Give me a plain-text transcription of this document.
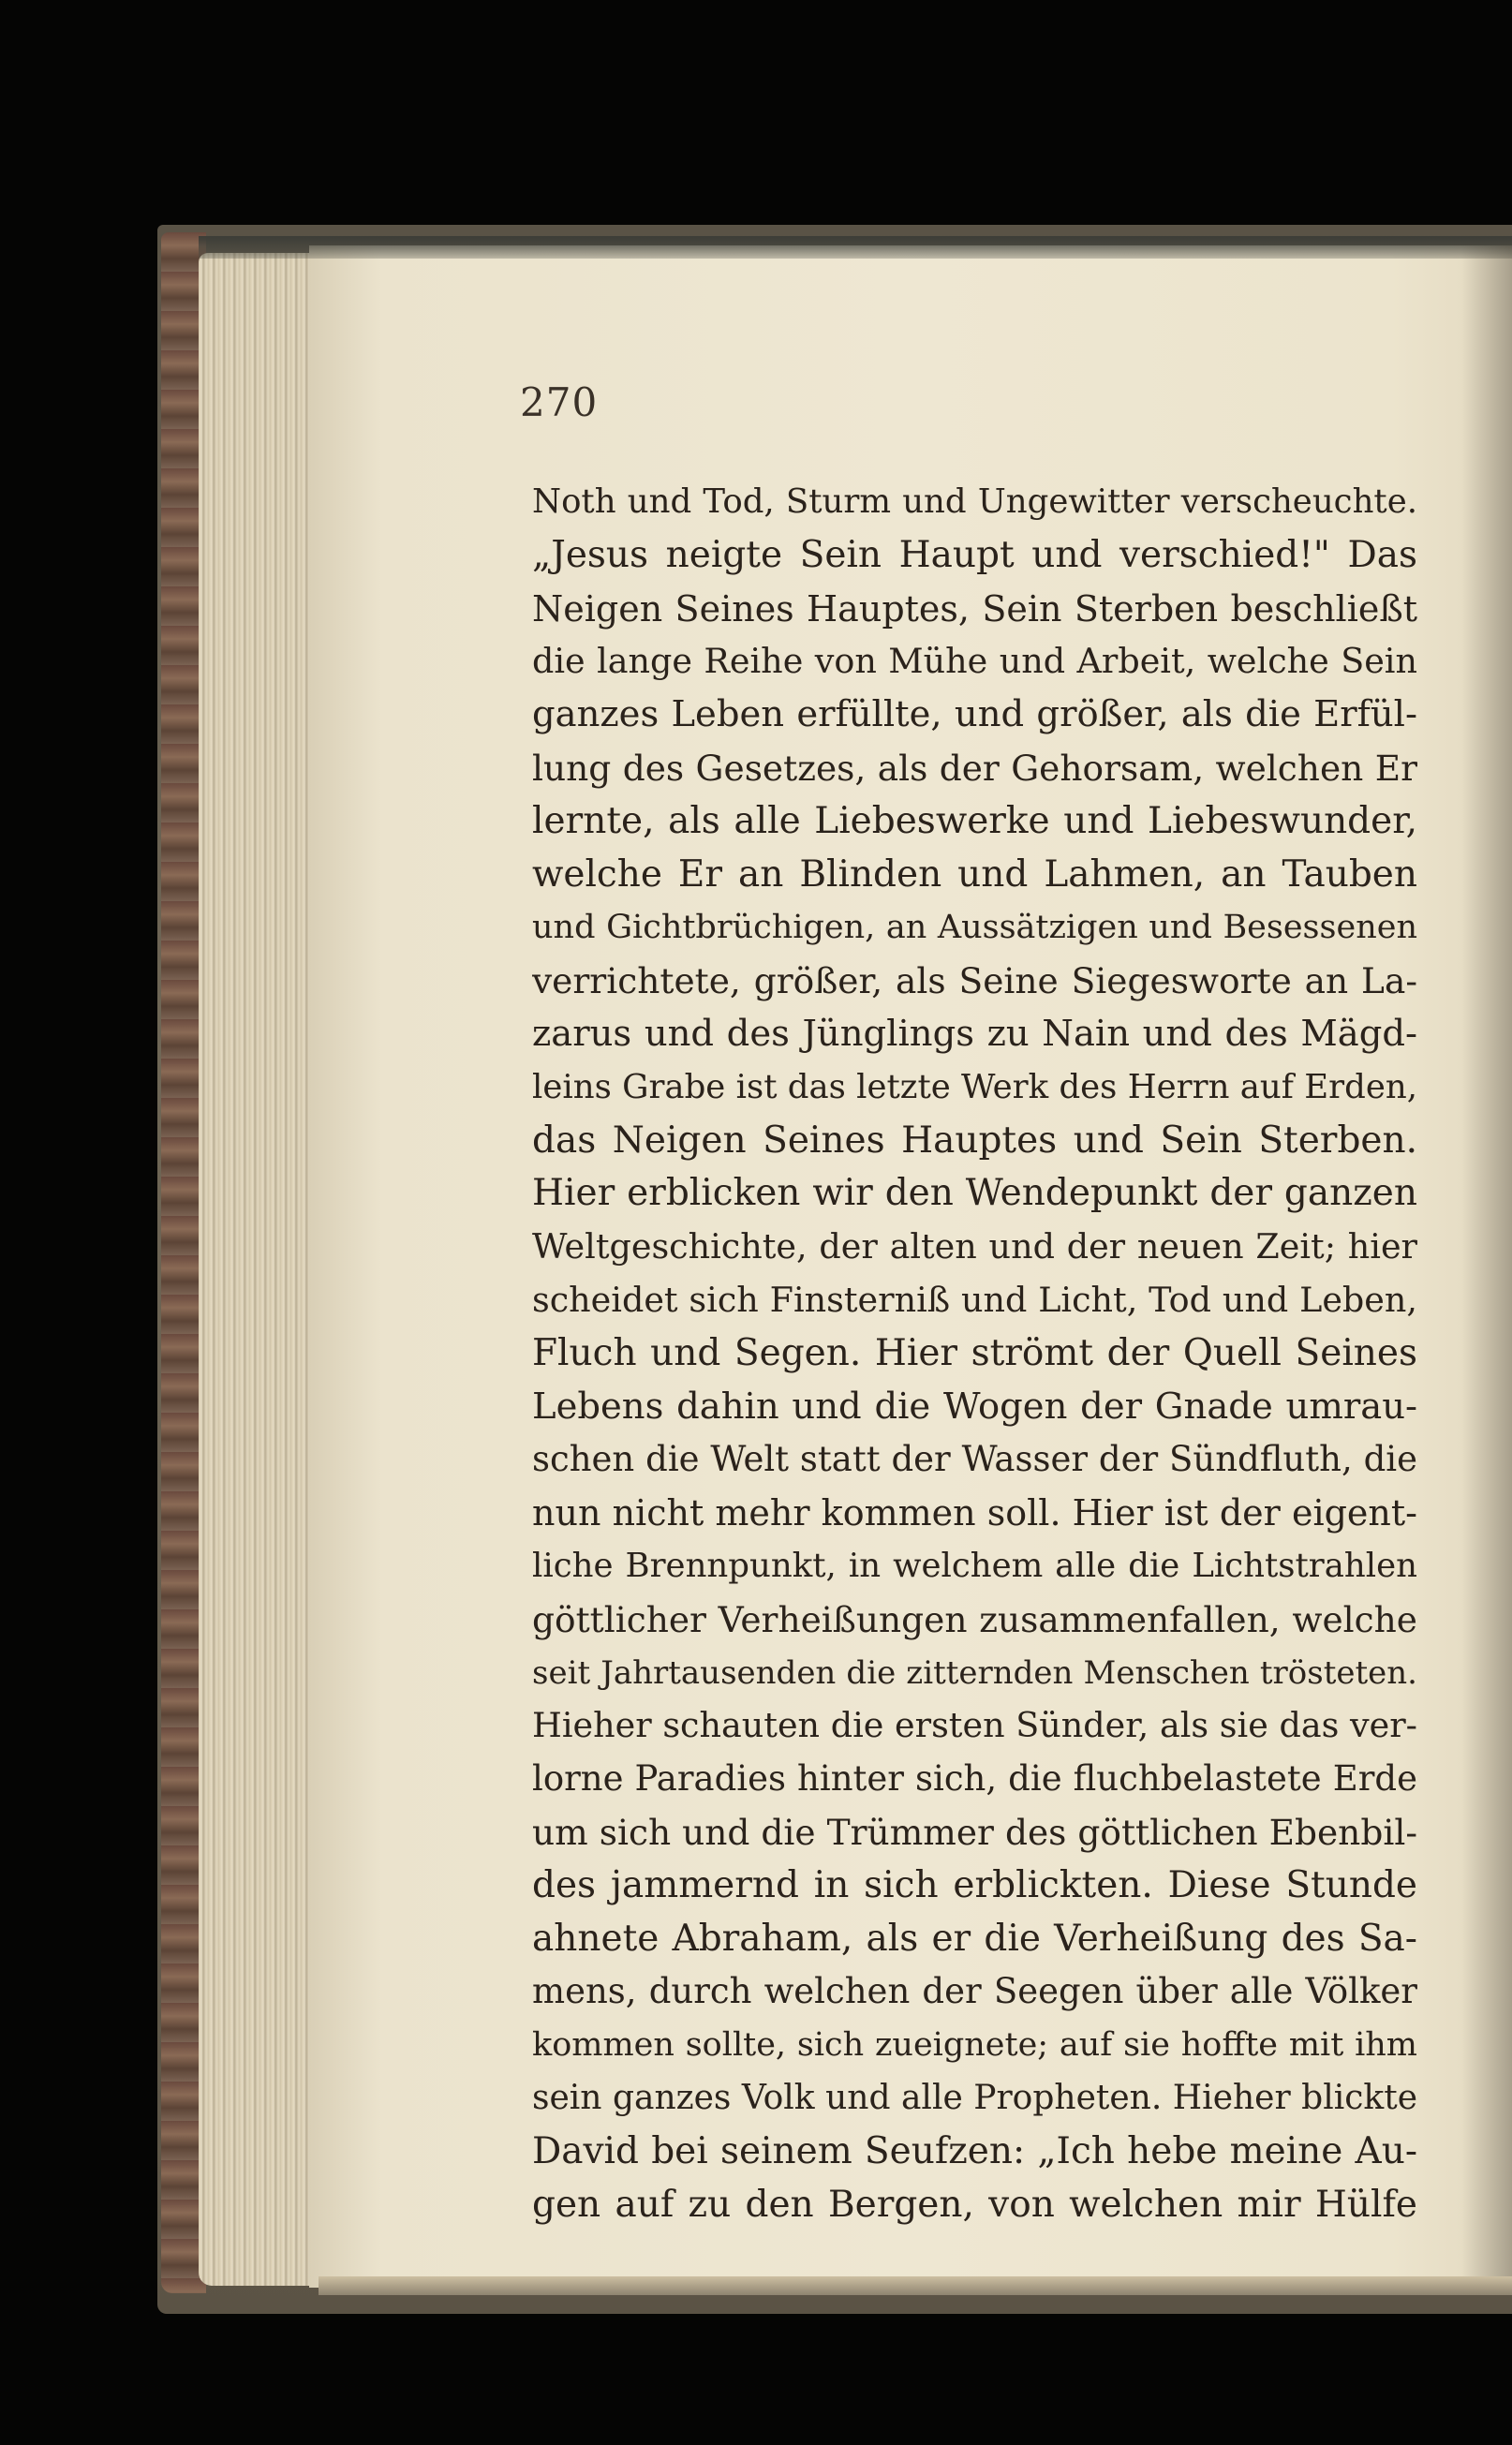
270
Noth und Tod, Sturm und Ungewitter verscheuchte.
„Jesus neigte Sein Haupt und verschied!" Das
Neigen Seines Hauptes, Sein Sterben beschließt
die lange Reihe von Mühe und Arbeit, welche Sein
ganzes Leben erfüllte, und größer, als die Erfül-
lung des Gesetzes, als der Gehorsam, welchen Er
lernte, als alle Liebeswerke und Liebeswunder,
welche Er an Blinden und Lahmen, an Tauben
und Gichtbrüchigen, an Aussätzigen und Besessenen
verrichtete, größer, als Seine Siegesworte an La-
zarus und des Jünglings zu Nain und des Mägd-
leins Grabe ist das letzte Werk des Herrn auf Erden,
das Neigen Seines Hauptes und Sein Sterben.
Hier erblicken wir den Wendepunkt der ganzen
Weltgeschichte, der alten und der neuen Zeit; hier
scheidet sich Finsterniß und Licht, Tod und Leben,
Fluch und Segen. Hier strömt der Quell Seines
Lebens dahin und die Wogen der Gnade umrau-
schen die Welt statt der Wasser der Sündfluth, die
nun nicht mehr kommen soll. Hier ist der eigent-
liche Brennpunkt, in welchem alle die Lichtstrahlen
göttlicher Verheißungen zusammenfallen, welche
seit Jahrtausenden die zitternden Menschen trösteten.
Hieher schauten die ersten Sünder, als sie das ver-
lorne Paradies hinter sich, die fluchbelastete Erde
um sich und die Trümmer des göttlichen Ebenbil-
des jammernd in sich erblickten. Diese Stunde
ahnete Abraham, als er die Verheißung des Sa-
mens, durch welchen der Seegen über alle Völker
kommen sollte, sich zueignete; auf sie hoffte mit ihm
sein ganzes Volk und alle Propheten. Hieher blickte
David bei seinem Seufzen: „Ich hebe meine Au-
gen auf zu den Bergen, von welchen mir Hülfe
